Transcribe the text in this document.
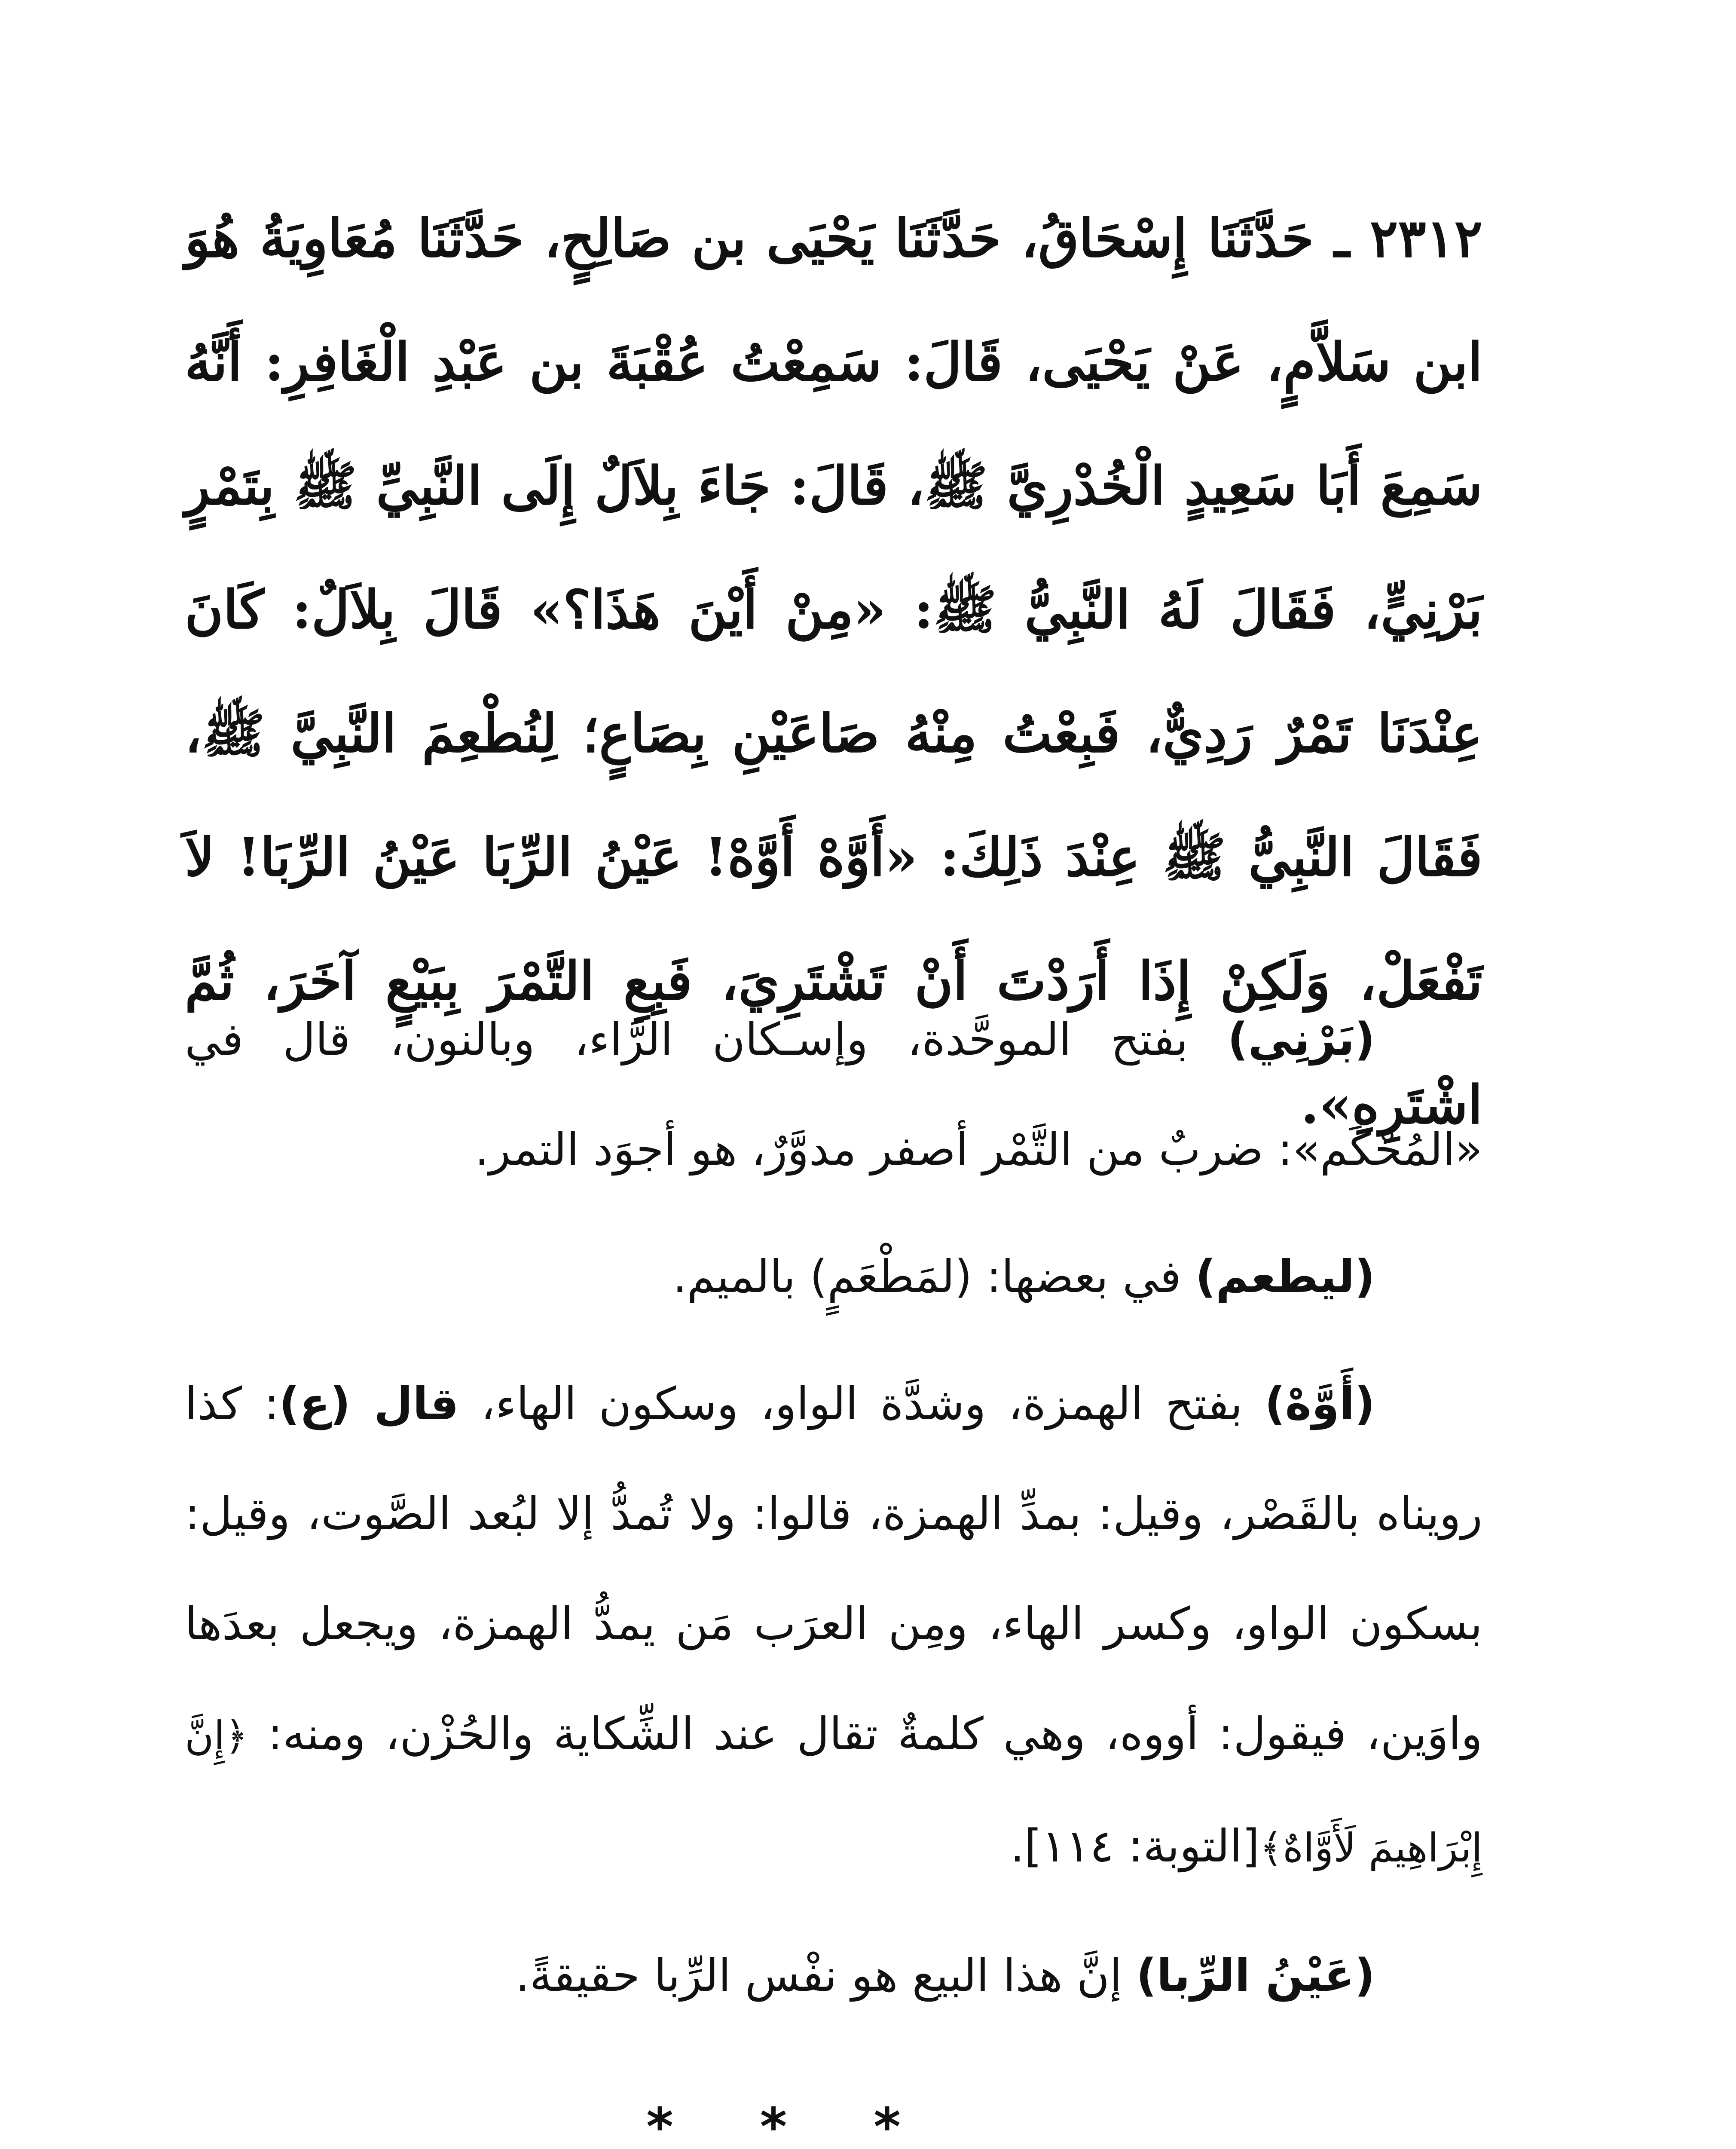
٢٣١٢ ـ حَدَّثَنَا إِسْحَاقُ، حَدَّثَنَا يَحْيَى بن صَالِحٍ، حَدَّثَنَا مُعَاوِيَةُ هُوَ ابن سَلاَّمٍ، عَنْ يَحْيَى، قَالَ: سَمِعْتُ عُقْبَةَ بن عَبْدِ الْغَافِرِ: أَنَّهُ سَمِعَ أَبَا سَعِيدٍ الْخُدْرِيَّ ﷺ، قَالَ: جَاءَ بِلاَلٌ إِلَى النَّبِيِّ ﷺ بِتَمْرٍ بَرْنِيٍّ، فَقَالَ لَهُ النَّبِيُّ ﷺ: «مِنْ أَيْنَ هَذَا؟» قَالَ بِلاَلٌ: كَانَ عِنْدَنَا تَمْرٌ رَدِيٌّ، فَبِعْتُ مِنْهُ صَاعَيْنِ بِصَاعٍ؛ لِنُطْعِمَ النَّبِيَّ ﷺ، فَقَالَ النَّبِيُّ ﷺ عِنْدَ ذَلِكَ: «أَوَّهْ أَوَّهْ! عَيْنُ الرِّبَا عَيْنُ الرِّبَا! لاَ تَفْعَلْ، وَلَكِنْ إِذَا أَرَدْتَ أَنْ تَشْتَرِيَ، فَبِعِ التَّمْرَ بِبَيْعٍ آخَرَ، ثُمَّ اشْتَرِهِ».

(بَرْنِي) بفتح الموحَّدة، وإسـكان الرَّاء، وبالنون، قال في «المُحْكَم»: ضربٌ من التَّمْر أصفر مدوَّرٌ، هو أجوَد التمر.

(ليطعم) في بعضها: (لمَطْعَمٍ) بالميم.

(أَوَّهْ) بفتح الهمزة، وشدَّة الواو، وسكون الهاء، قال (ع): كذا رويناه بالقَصْر، وقيل: بمدِّ الهمزة، قالوا: ولا تُمدُّ إلا لبُعد الصَّوت، وقيل: بسكون الواو، وكسر الهاء، ومِن العرَب مَن يمدُّ الهمزة، ويجعل بعدَها واوَين، فيقول: أووه، وهي كلمةٌ تقال عند الشِّكاية والحُزْن، ومنه: ﴿إِنَّ إِبْرَاهِيمَ لَأَوَّاهٌ﴾[التوبة: ١١٤].

(عَيْنُ الرِّبا) إنَّ هذا البيع هو نفْس الرِّبا حقيقةً.

* * *
